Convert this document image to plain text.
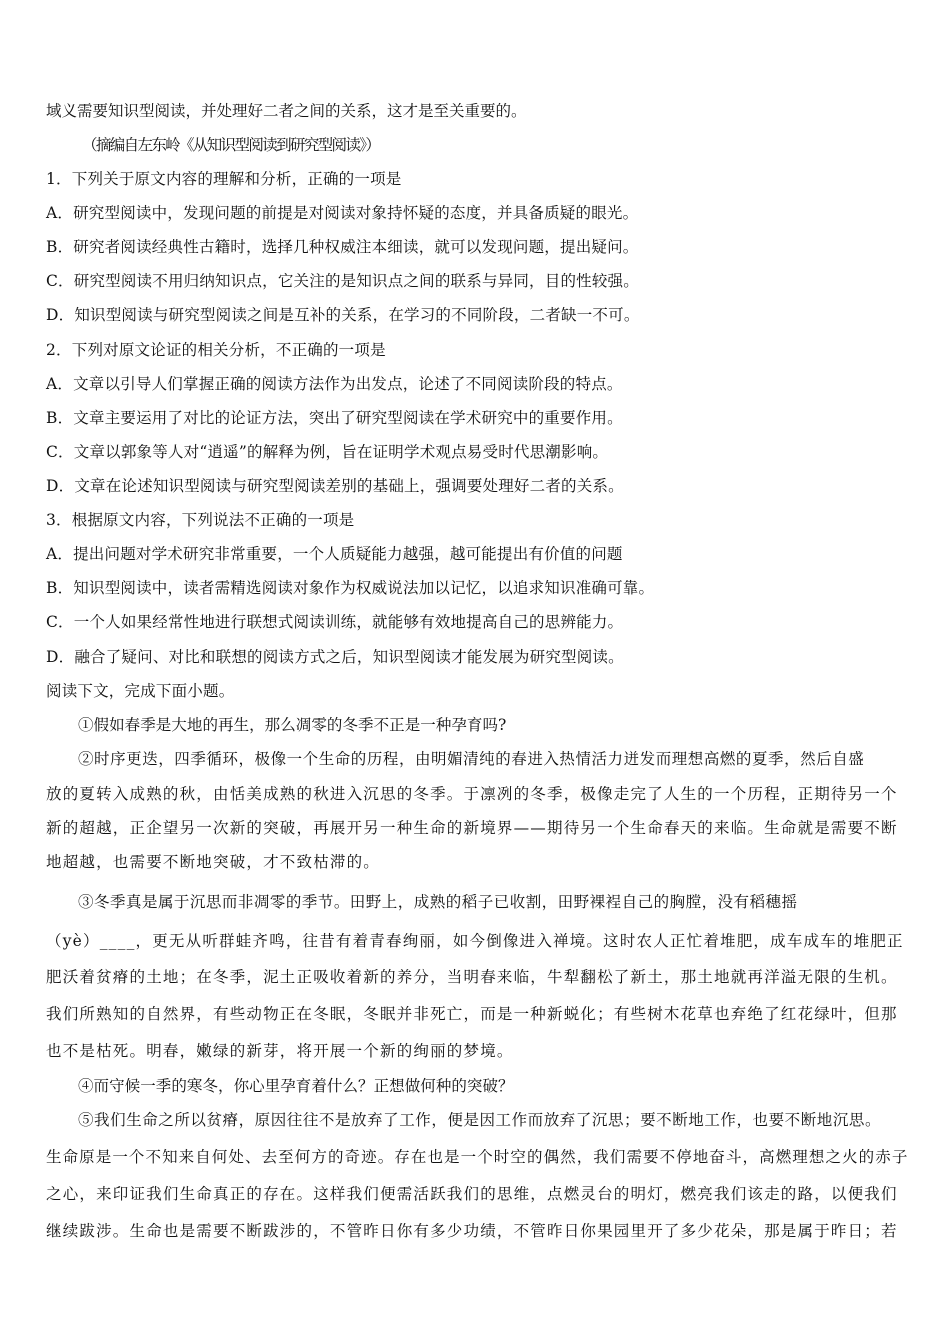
域义需要知识型阅读，并处理好二者之间的关系，这才是至关重要的。
（摘编自左东岭《从知识型阅读到研究型阅读》）
1．下列关于原文内容的理解和分析，正确的一项是
A．研究型阅读中，发现问题的前提是对阅读对象持怀疑的态度，并具备质疑的眼光。
B．研究者阅读经典性古籍时，选择几种权威注本细读，就可以发现问题，提出疑问。
C．研究型阅读不用归纳知识点，它关注的是知识点之间的联系与异同，目的性较强。
D．知识型阅读与研究型阅读之间是互补的关系，在学习的不同阶段，二者缺一不可。
2．下列对原文论证的相关分析，不正确的一项是
A．文章以引导人们掌握正确的阅读方法作为出发点，论述了不同阅读阶段的特点。
B．文章主要运用了对比的论证方法，突出了研究型阅读在学术研究中的重要作用。
C．文章以郭象等人对“逍遥”的解释为例，旨在证明学术观点易受时代思潮影响。
D．文章在论述知识型阅读与研究型阅读差别的基础上，强调要处理好二者的关系。
3．根据原文内容，下列说法不正确的一项是
A．提出问题对学术研究非常重要，一个人质疑能力越强，越可能提出有价值的问题
B．知识型阅读中，读者需精选阅读对象作为权威说法加以记忆，以追求知识准确可靠。
C．一个人如果经常性地进行联想式阅读训练，就能够有效地提高自己的思辨能力。
D．融合了疑问、对比和联想的阅读方式之后，知识型阅读才能发展为研究型阅读。
阅读下文，完成下面小题。
①假如春季是大地的再生，那么凋零的冬季不正是一种孕育吗?
②时序更迭，四季循环，极像一个生命的历程，由明媚清纯的春进入热情活力迸发而理想高燃的夏季，然后自盛
放的夏转入成熟的秋，由恬美成熟的秋进入沉思的冬季。于凛冽的冬季，极像走完了人生的一个历程，正期待另一个
新的超越，正企望另一次新的突破，再展开另一种生命的新境界——期待另一个生命春天的来临。生命就是需要不断
地超越，也需要不断地突破，才不致枯滞的。
③冬季真是属于沉思而非凋零的季节。田野上，成熟的稻子已收割，田野裸裎自己的胸膛，没有稻穗摇
（yè）____，更无从听群蛙齐鸣，往昔有着青春绚丽，如今倒像进入禅境。这时农人正忙着堆肥，成车成车的堆肥正
肥沃着贫瘠的土地；在冬季，泥土正吸收着新的养分，当明春来临，牛犁翻松了新土，那土地就再洋溢无限的生机。
我们所熟知的自然界，有些动物正在冬眠，冬眠并非死亡，而是一种新蜕化；有些树木花草也弃绝了红花绿叶，但那
也不是枯死。明春，嫩绿的新芽，将开展一个新的绚丽的梦境。
④而守候一季的寒冬，你心里孕育着什么？正想做何种的突破？
⑤我们生命之所以贫瘠，原因往往不是放弃了工作，便是因工作而放弃了沉思；要不断地工作，也要不断地沉思。
生命原是一个不知来自何处、去至何方的奇迹。存在也是一个时空的偶然，我们需要不停地奋斗，高燃理想之火的赤子
之心，来印证我们生命真正的存在。这样我们便需活跃我们的思维，点燃灵台的明灯，燃亮我们该走的路，以便我们
继续跋涉。生命也是需要不断跋涉的，不管昨日你有多少功绩，不管昨日你果园里开了多少花朵，那是属于昨日；若
